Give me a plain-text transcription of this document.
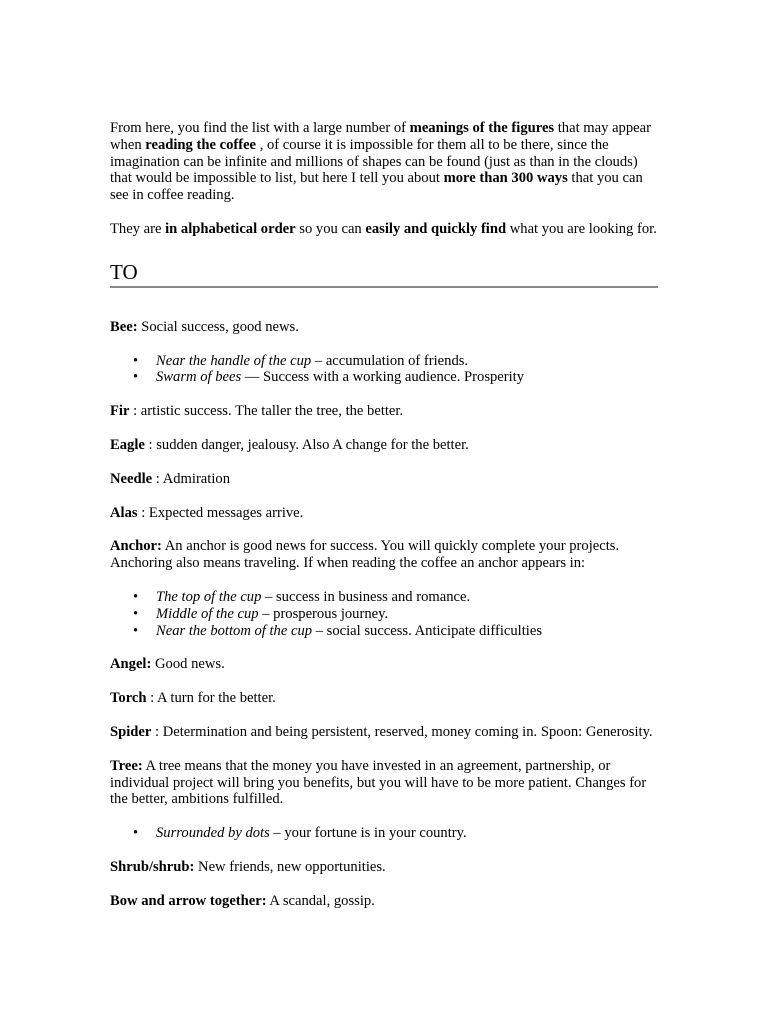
From here, you find the list with a large number of meanings of the figures that may appear when reading the coffee , of course it is impossible for them all to be there, since the imagination can be infinite and millions of shapes can be found (just as than in the clouds) that would be impossible to list, but here I tell you about more than 300 ways that you can see in coffee reading.

They are in alphabetical order so you can easily and quickly find what you are looking for.

TO

Bee: Social success, good news.

• Near the handle of the cup – accumulation of friends.
• Swarm of bees — Success with a working audience. Prosperity

Fir : artistic success. The taller the tree, the better.

Eagle : sudden danger, jealousy. Also A change for the better.

Needle : Admiration

Alas : Expected messages arrive.

Anchor: An anchor is good news for success. You will quickly complete your projects. Anchoring also means traveling. If when reading the coffee an anchor appears in:

• The top of the cup – success in business and romance.
• Middle of the cup – prosperous journey.
• Near the bottom of the cup – social success. Anticipate difficulties

Angel: Good news.

Torch : A turn for the better.

Spider : Determination and being persistent, reserved, money coming in. Spoon: Generosity.

Tree: A tree means that the money you have invested in an agreement, partnership, or individual project will bring you benefits, but you will have to be more patient. Changes for the better, ambitions fulfilled.

• Surrounded by dots – your fortune is in your country.

Shrub/shrub: New friends, new opportunities.

Bow and arrow together: A scandal, gossip.
